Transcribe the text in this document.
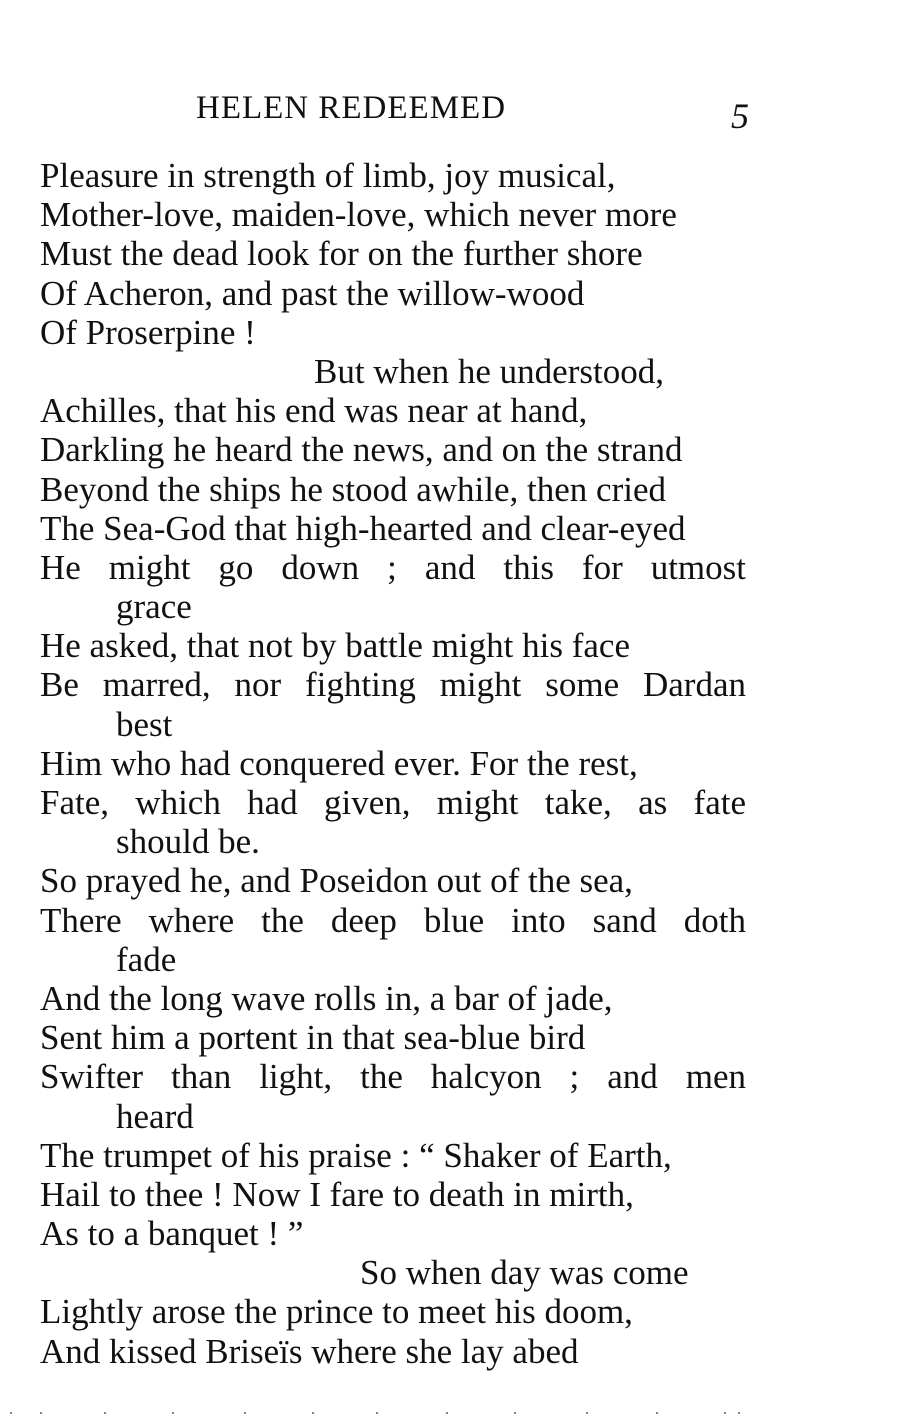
HELEN REDEEMED	5
Pleasure in strength of limb, joy musical,
Mother-love, maiden-love, which never more
Must the dead look for on the further shore
Of Acheron, and past the willow-wood
Of Proserpine !
But when he understood,
Achilles, that his end was near at hand,
Darkling he heard the news, and on the strand
Beyond the ships he stood awhile, then cried
The Sea-God that high-hearted and clear-eyed
He might go down ; and this for utmost
grace
He asked, that not by battle might his face
Be marred, nor fighting might some Dardan
best
Him who had conquered ever. For the rest,
Fate, which had given, might take, as fate
should be.
So prayed he, and Poseidon out of the sea,
There where the deep blue into sand doth
fade
And the long wave rolls in, a bar of jade,
Sent him a portent in that sea-blue bird
Swifter than light, the halcyon ; and men
heard
The trumpet of his praise : “ Shaker of Earth,
Hail to thee ! Now I fare to death in mirth,
As to a banquet ! ”
So when day was come
Lightly arose the prince to meet his doom,
And kissed Briseïs where she lay abed
